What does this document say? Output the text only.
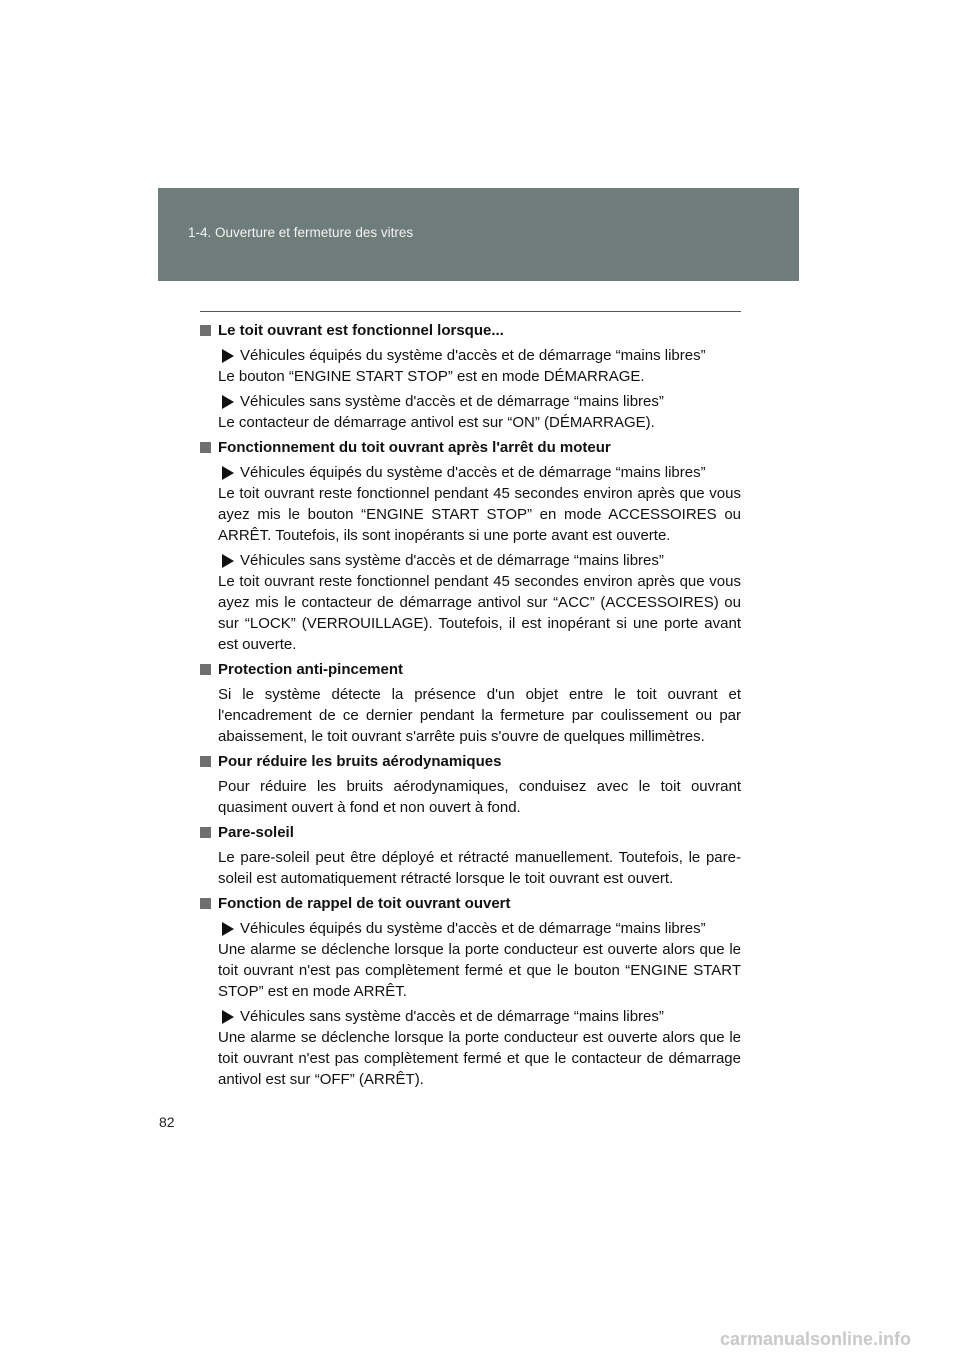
1-4. Ouverture et fermeture des vitres
Le toit ouvrant est fonctionnel lorsque...
Véhicules équipés du système d'accès et de démarrage “mains libres”
Le bouton “ENGINE START STOP” est en mode DÉMARRAGE.
Véhicules sans système d'accès et de démarrage “mains libres”
Le contacteur de démarrage antivol est sur “ON” (DÉMARRAGE).
Fonctionnement du toit ouvrant après l'arrêt du moteur
Véhicules équipés du système d'accès et de démarrage “mains libres”
Le toit ouvrant reste fonctionnel pendant 45 secondes environ après que vous ayez mis le bouton “ENGINE START STOP” en mode ACCESSOIRES ou ARRÊT. Toutefois, ils sont inopérants si une porte avant est ouverte.
Véhicules sans système d'accès et de démarrage “mains libres”
Le toit ouvrant reste fonctionnel pendant 45 secondes environ après que vous ayez mis le contacteur de démarrage antivol sur “ACC” (ACCESSOIRES) ou sur “LOCK” (VERROUILLAGE). Toutefois, il est inopérant si une porte avant est ouverte.
Protection anti-pincement
Si le système détecte la présence d'un objet entre le toit ouvrant et l'encadrement de ce dernier pendant la fermeture par coulissement ou par abaissement, le toit ouvrant s'arrête puis s'ouvre de quelques millimètres.
Pour réduire les bruits aérodynamiques
Pour réduire les bruits aérodynamiques, conduisez avec le toit ouvrant quasiment ouvert à fond et non ouvert à fond.
Pare-soleil
Le pare-soleil peut être déployé et rétracté manuellement. Toutefois, le pare-soleil est automatiquement rétracté lorsque le toit ouvrant est ouvert.
Fonction de rappel de toit ouvrant ouvert
Véhicules équipés du système d'accès et de démarrage “mains libres”
Une alarme se déclenche lorsque la porte conducteur est ouverte alors que le toit ouvrant n'est pas complètement fermé et que le bouton “ENGINE START STOP” est en mode ARRÊT.
Véhicules sans système d'accès et de démarrage “mains libres”
Une alarme se déclenche lorsque la porte conducteur est ouverte alors que le toit ouvrant n'est pas complètement fermé et que le contacteur de démarrage antivol est sur “OFF” (ARRÊT).
82
carmanualsonline.info
